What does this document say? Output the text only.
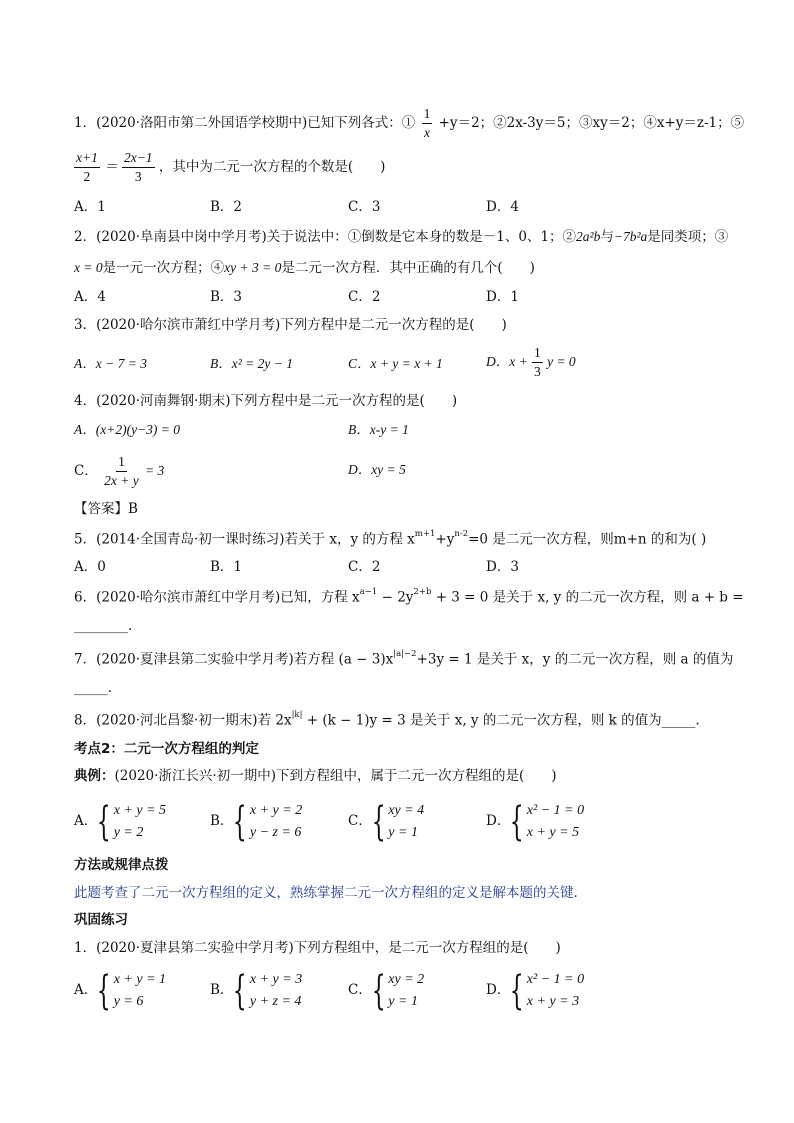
1．(2020·洛阳市第二外国语学校期中)已知下列各式：① $\frac{1}{x} +y=2$；②2x-3y＝5；③xy＝2；④x+y＝z-1；⑤
$\frac{x+1}{2} = \frac{2x-1}{3}$ ，其中为二元一次方程的个数是(　　)
A．1	B．2	C．3	D．4
2．(2020·阜南县中岗中学月考)关于说法中：①倒数是它本身的数是－1、0、1；②2a²b与−7b²a是同类项；③
x = 0是一元一次方程；④xy + 3 = 0是二元一次方程．其中正确的有几个(　　)
A．4	B．3	C．2	D．1
3．(2020·哈尔滨市萧红中学月考)下列方程中是二元一次方程的是(　　)
A．x − 7 = 3	B．x² = 2y − 1	C．x + y = x + 1	D．$x + \frac{1}{3}$ y = 0
4．(2020·河南舞钢·期末)下列方程中是二元一次方程的是(　　)
A．(x+2)(y−3) = 0	B．x-y = 1
C． $\frac{1}{2x + y} = 3$	D．xy = 5
【答案】B
5．(2014·全国青岛·初一课时练习)若关于 x，y 的方程 $x^{m+1}+y^{n-2}=0$ 是二元一次方程，则m+n 的和为( )
A．0	B．1	C．2	D．3
6．(2020·哈尔滨市萧红中学月考)已知，方程 $x^{a-1} - 2y^{2+b} + 3 = 0$ 是关于 x, y 的二元一次方程，则 a + b =
________.
7．(2020·夏津县第二实验中学月考)若方程 $(a - 3)x^{|a|-2}+3y = 1$ 是关于 x，y 的二元一次方程，则 a 的值为
_____.
8．(2020·河北昌黎·初一期末)若 $2x^{|k|} + (k - 1)y = 3$ 是关于 x, y 的二元一次方程，则 k 的值为_____.
考点2：二元一次方程组的判定
典例：(2020·浙江长兴·初一期中)下到方程组中，属于二元一次方程组的是(　　)
A． { x + y = 5
y = 2
B． { x + y = 2
y − z = 6
C． { xy = 4
y = 1
D． { x² − 1 = 0
x + y = 5
方法或规律点拨
此题考查了二元一次方程组的定义，熟练掌握二元一次方程组的定义是解本题的关键.
巩固练习
1．(2020·夏津县第二实验中学月考)下列方程组中，是二元一次方程组的是(　　)
A． { x + y = 1
y = 6
B． { x + y = 3
y + z = 4
C． { xy = 2
y = 1
D． { x² − 1 = 0
x + y = 3
